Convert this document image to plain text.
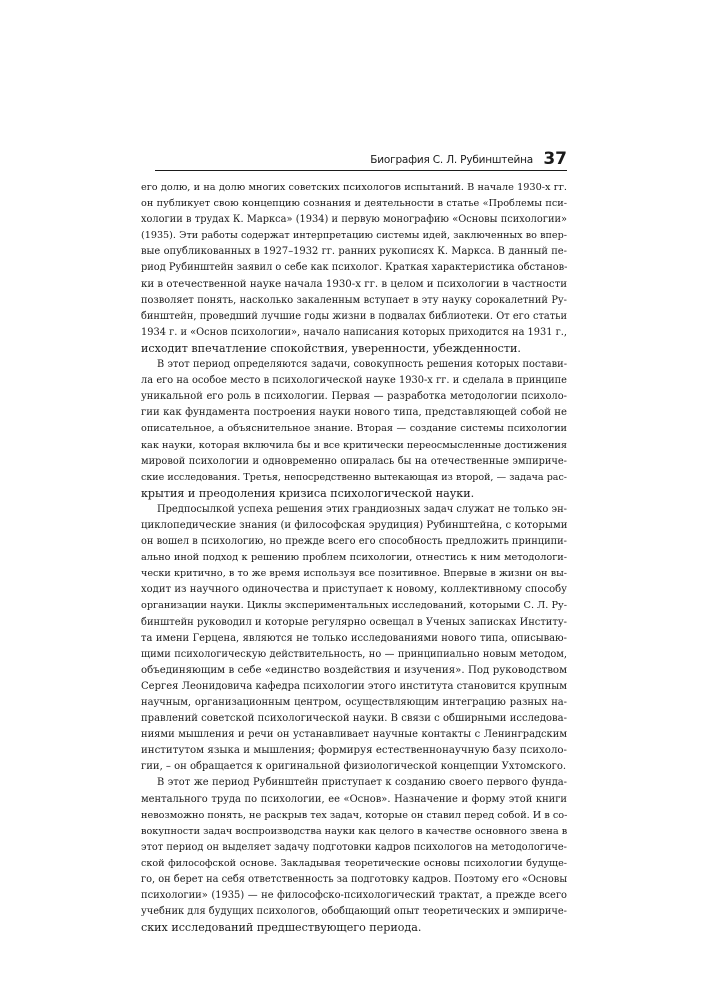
Биография С. Л. Рубинштейна 37
его долю, и на долю многих советских психологов испытаний. В начале 1930-х гг.
он публикует свою концепцию сознания и деятельности в статье «Проблемы пси-
хологии в трудах К. Маркса» (1934) и первую монографию «Основы психологии»
(1935). Эти работы содержат интерпретацию системы идей, заключенных во впер-
вые опубликованных в 1927–1932 гг. ранних рукописях К. Маркса. В данный пе-
риод Рубинштейн заявил о себе как психолог. Краткая характеристика обстанов-
ки в отечественной науке начала 1930-х гг. в целом и психологии в частности
позволяет понять, насколько закаленным вступает в эту науку сорокалетний Ру-
бинштейн, проведший лучшие годы жизни в подвалах библиотеки. От его статьи
1934 г. и «Основ психологии», начало написания которых приходится на 1931 г.,
исходит впечатление спокойствия, уверенности, убежденности.
В этот период определяются задачи, совокупность решения которых постави-
ла его на особое место в психологической науке 1930-х гг. и сделала в принципе
уникальной его роль в психологии. Первая — разработка методологии психоло-
гии как фундамента построения науки нового типа, представляющей собой не
описательное, а объяснительное знание. Вторая — создание системы психологии
как науки, которая включила бы и все критически переосмысленные достижения
мировой психологии и одновременно опиралась бы на отечественные эмпириче-
ские исследования. Третья, непосредственно вытекающая из второй, — задача рас-
крытия и преодоления кризиса психологической науки.
Предпосылкой успеха решения этих грандиозных задач служат не только эн-
циклопедические знания (и философская эрудиция) Рубинштейна, с которыми
он вошел в психологию, но прежде всего его способность предложить принципи-
ально иной подход к решению проблем психологии, отнестись к ним методологи-
чески критично, в то же время используя все позитивное. Впервые в жизни он вы-
ходит из научного одиночества и приступает к новому, коллективному способу
организации науки. Циклы экспериментальных исследований, которыми С. Л. Ру-
бинштейн руководил и которые регулярно освещал в Ученых записках Институ-
та имени Герцена, являются не только исследованиями нового типа, описываю-
щими психологическую действительность, но — принципиально новым методом,
объединяющим в себе «единство воздействия и изучения». Под руководством
Сергея Леонидовича кафедра психологии этого института становится крупным
научным, организационным центром, осуществляющим интеграцию разных на-
правлений советской психологической науки. В связи с обширными исследова-
ниями мышления и речи он устанавливает научные контакты с Ленинградским
институтом языка и мышления; формируя естественнонаучную базу психоло-
гии, – он обращается к оригинальной физиологической концепции Ухтомского.
В этот же период Рубинштейн приступает к созданию своего первого фунда-
ментального труда по психологии, ее «Основ». Назначение и форму этой книги
невозможно понять, не раскрыв тех задач, которые он ставил перед собой. И в со-
вокупности задач воспроизводства науки как целого в качестве основного звена в
этот период он выделяет задачу подготовки кадров психологов на методологиче-
ской философской основе. Закладывая теоретические основы психологии будуще-
го, он берет на себя ответственность за подготовку кадров. Поэтому его «Основы
психологии» (1935) — не философско-психологический трактат, а прежде всего
учебник для будущих психологов, обобщающий опыт теоретических и эмпириче-
ских исследований предшествующего периода.
